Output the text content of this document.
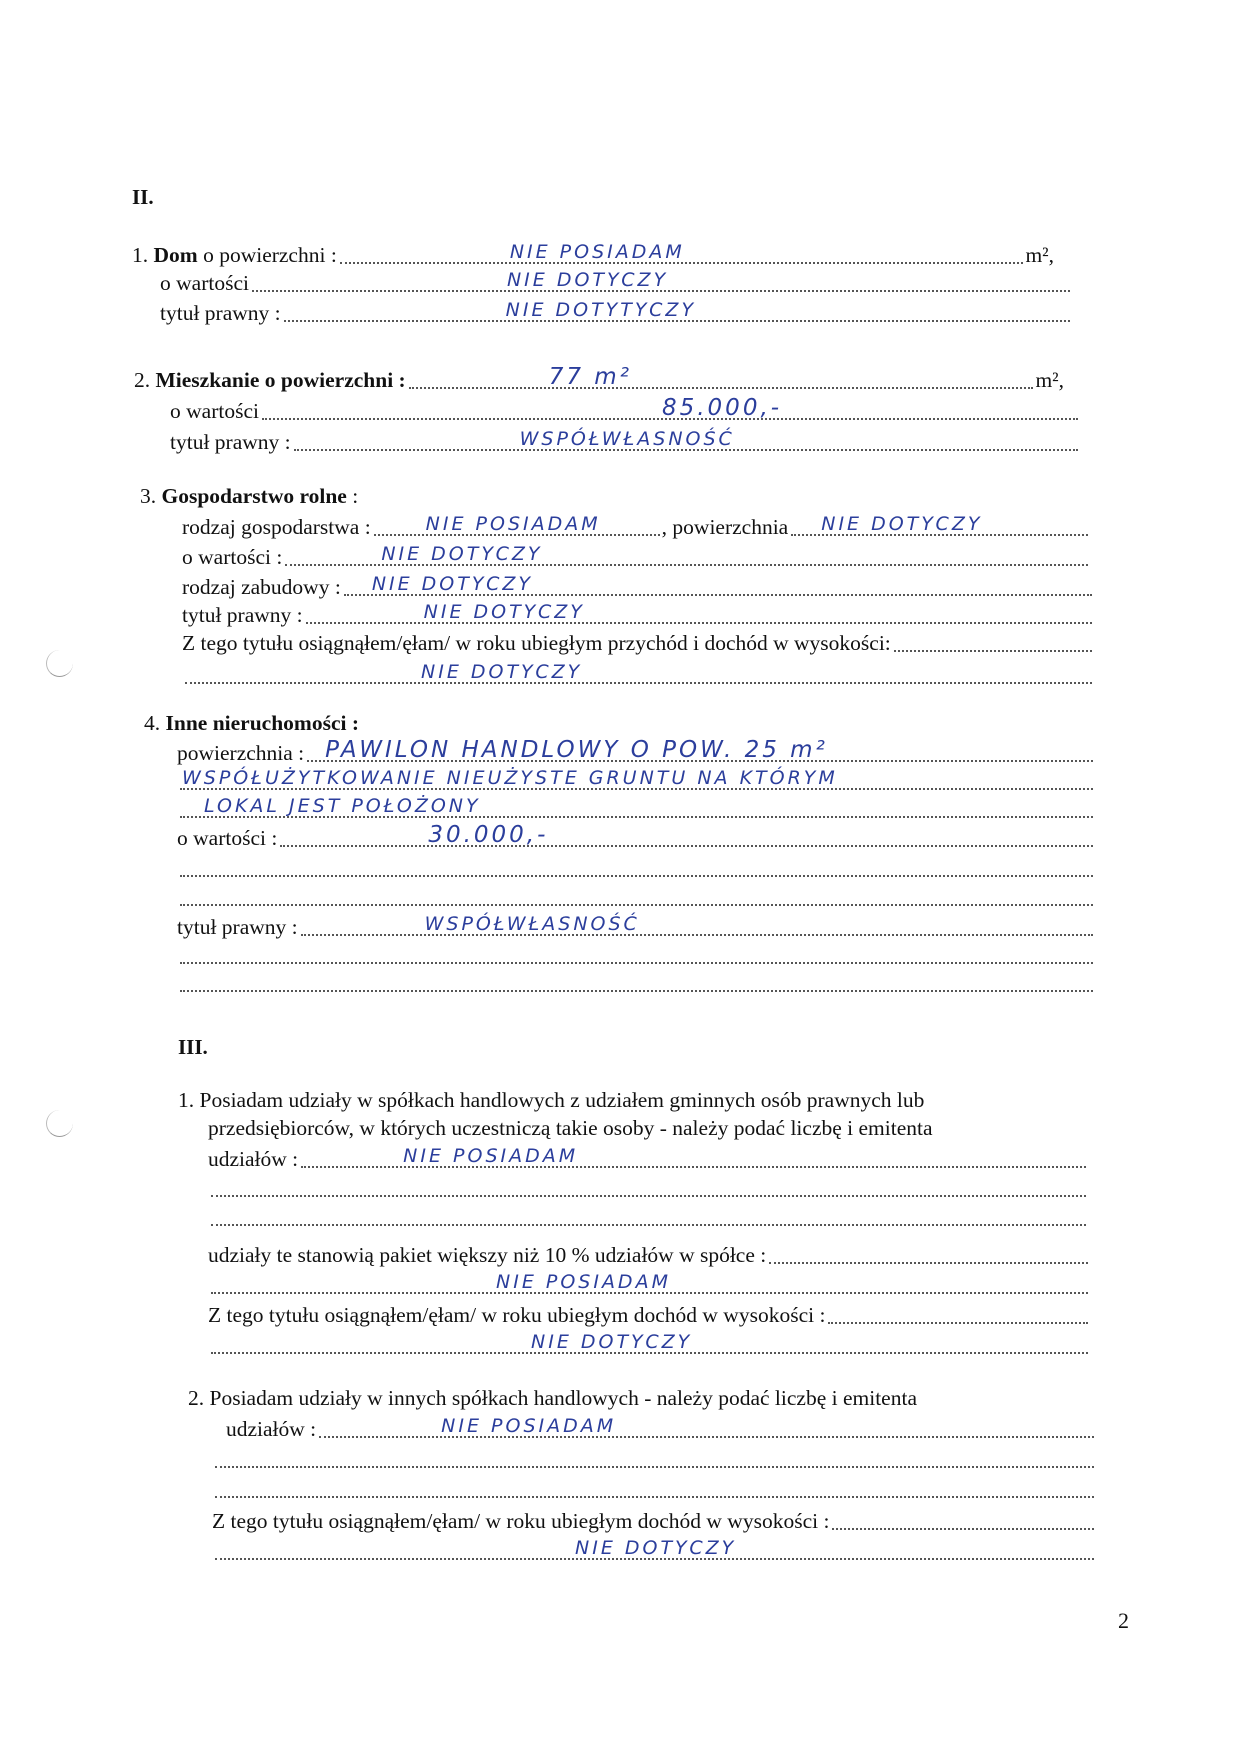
II.
1. Dom o powierzchni :	NIE POSIADAM	m²,
o wartości	NIE DOTYCZY
tytuł prawny :	NIE DOTYTYCZY
2. Mieszkanie o powierzchni :	77 m²	m²,
o wartości	85.000,-
tytuł prawny :	WSPÓŁWŁASNOŚĆ
3. Gospodarstwo rolne :
rodzaj gospodarstwa :	NIE POSIADAM	, powierzchnia NIE DOTYCZY
o wartości :	NIE DOTYCZY
rodzaj zabudowy : NIE DOTYCZY
tytuł prawny :	NIE DOTYCZY
Z tego tytułu osiągnąłem/ęłam/ w roku ubiegłym przychód i dochód w wysokości:
NIE DOTYCZY
4. Inne nieruchomości :
powierzchnia : PAWILON HANDLOWY O POW. 25 m²
WSPÓŁUŻYTKOWANIE NIEUŻYSTE GRUNTU NA KTÓRYM
LOKAL JEST POŁOŻONY
o wartości :	30.000,-
tytuł prawny :	WSPÓŁWŁASNOŚĆ
III.
1. Posiadam udziały w spółkach handlowych z udziałem gminnych osób prawnych lub
przedsiębiorców, w których uczestniczą takie osoby - należy podać liczbę i emitenta
udziałów :	NIE POSIADAM
udziały te stanowią pakiet większy niż 10 % udziałów w spółce :
NIE POSIADAM
Z tego tytułu osiągnąłem/ęłam/ w roku ubiegłym dochód w wysokości :
NIE DOTYCZY
2. Posiadam udziały w innych spółkach handlowych - należy podać liczbę i emitenta
udziałów :	NIE POSIADAM
Z tego tytułu osiągnąłem/ęłam/ w roku ubiegłym dochód w wysokości :
NIE DOTYCZY
2
